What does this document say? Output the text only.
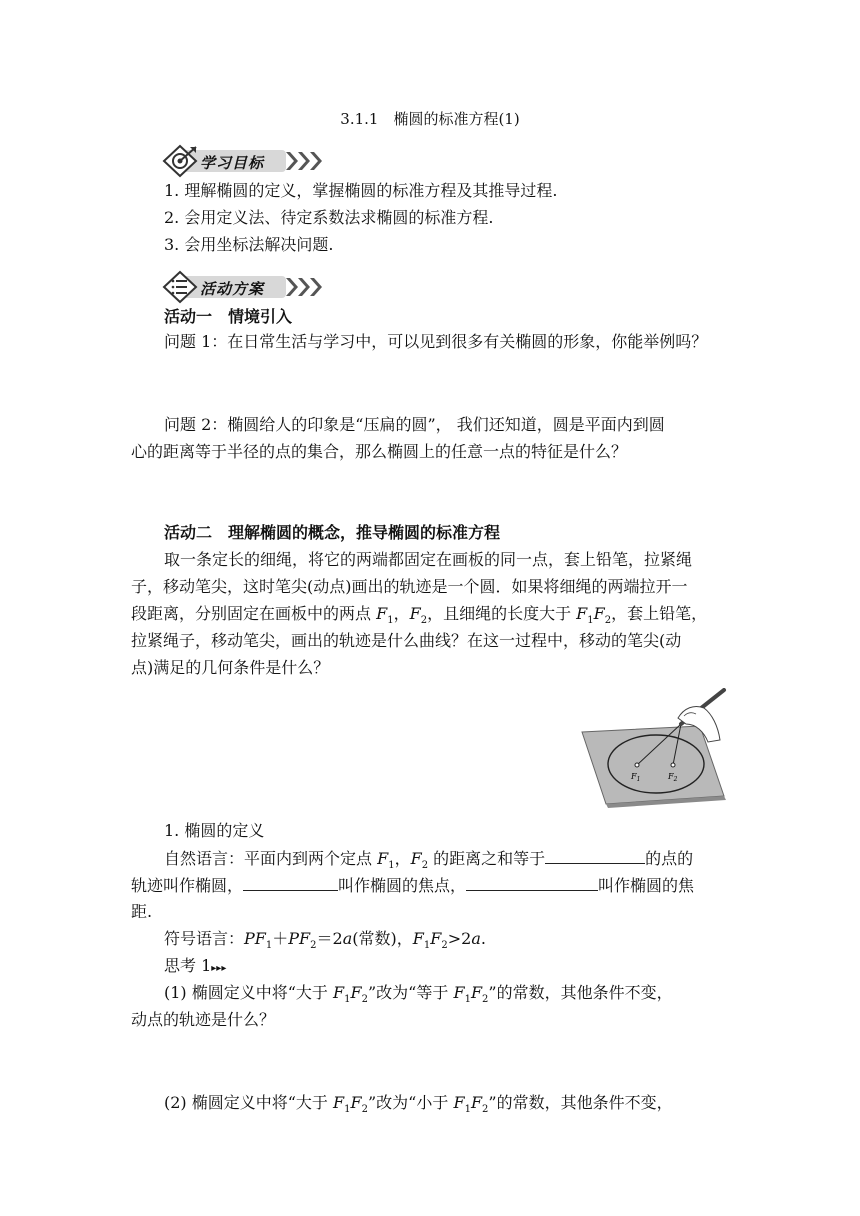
3.1.1　椭圆的标准方程(1)
学习目标
1. 理解椭圆的定义，掌握椭圆的标准方程及其推导过程.
2. 会用定义法、待定系数法求椭圆的标准方程.
3. 会用坐标法解决问题.
活动方案
活动一　情境引入
问题 1：在日常生活与学习中，可以见到很多有关椭圆的形象，你能举例吗？
问题 2：椭圆给人的印象是“压扁的圆”， 我们还知道，圆是平面内到圆
心的距离等于半径的点的集合，那么椭圆上的任意一点的特征是什么？
活动二　理解椭圆的概念，推导椭圆的标准方程
取一条定长的细绳，将它的两端都固定在画板的同一点，套上铅笔，拉紧绳
子，移动笔尖，这时笔尖(动点)画出的轨迹是一个圆．如果将细绳的两端拉开一
段距离，分别固定在画板中的两点 $F_1$，$F_2$，且细绳的长度大于 $F_1F_2$，套上铅笔，
拉紧绳子，移动笔尖，画出的轨迹是什么曲线？在这一过程中，移动的笔尖(动
点)满足的几何条件是什么？
$F_1$	$F_2$
1. 椭圆的定义
自然语言：平面内到两个定点 $F_1$，$F_2$ 的距离之和等于	的点的
轨迹叫作椭圆，	叫作椭圆的焦点，	叫作椭圆的焦
距.
符号语言：$PF_1+PF_2=2a$(常数)，$F_1F_2>2a$.
思考 1▸▸▸
(1) 椭圆定义中将“大于 $F_1F_2$”改为“等于 $F_1F_2$”的常数，其他条件不变，
动点的轨迹是什么？
(2) 椭圆定义中将“大于 $F_1F_2$”改为“小于 $F_1F_2$”的常数，其他条件不变，
